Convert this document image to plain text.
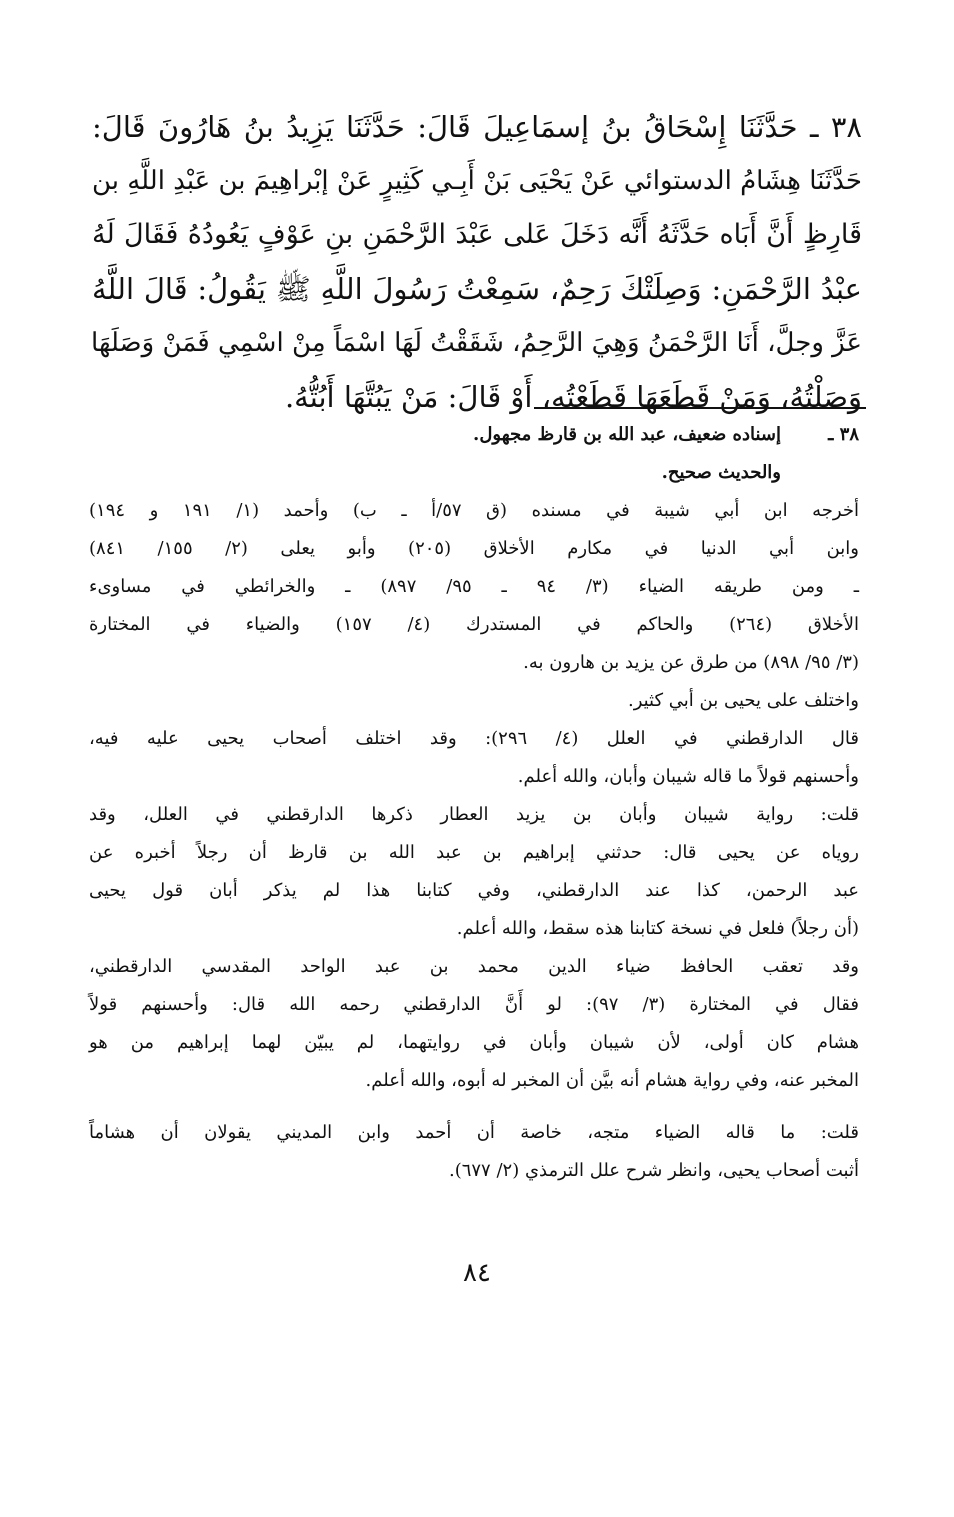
٣٨ ـ حَدَّثَنَا إِسْحَاقُ بنُ إسمَاعِيلَ قَالَ: حَدَّثَنَا يَزِيدُ بنُ هَارُونَ قَالَ:
حَدَّثَنَا هِشَامُ الدستوائي عَنْ يَحْيَى بَنْ أَبِـي كَثِيرٍ عَنْ إبْراهِيمَ بن عَبْدِ اللَّهِ بن
قَارِظٍ أَنَّ أَبَاه حَدَّثَهُ أَنَّه دَخَلَ عَلى عَبْدَ الرَّحْمَنِ بنِ عَوْفٍ يَعُودُهُ فَقَالَ لَهُ
عبْدُ الرَّحْمَنِ: وَصِلَتْكَ رَحِمٌ، سَمِعْتُ رَسُولَ اللَّهِ ﷺ يَقُولُ: قَالَ اللَّهُ
عَزَّ وجلَّ، أَنَا الرَّحْمَنُ وَهِيَ الرَّحِمُ، شَقَقْتُ لَهَا اسْمَاً مِنْ اسْمِي فَمَنْ وَصَلَهَا
وَصَلْتُهُ، وَمَنْ قَطَعَهَا قَطَعْتُه، أَوْ قَالَ: مَنْ يَبُتَّهَا أَبُتُّهُ.
٣٨ ـ
إسناده ضعيف، عبد الله بن قارظ مجهول.
والحديث صحيح.
أخرجه ابن أبي شيبة في مسنده (ق ٥٧/أ ـ ب) وأحمد (١/ ١٩١ و ١٩٤)
وابن أبي الدنيا في مكارم الأخلاق (٢٠٥) وأبو يعلى (٢/ ١٥٥/ ٨٤١)
ـ ومن طريقه الضياء (٣/ ٩٤ ـ ٩٥/ ٨٩٧) ـ والخرائطي في مساوىء
الأخلاق (٢٦٤) والحاكم في المستدرك (٤/ ١٥٧) والضياء في المختارة
(٣/ ٩٥/ ٨٩٨) من طرق عن يزيد بن هارون به.
واختلف على يحيى بن أبي كثير.
قال الدارقطني في العلل (٤/ ٢٩٦): وقد اختلف أصحاب يحيى عليه فيه،
وأحسنهم قولاً ما قاله شيبان وأبان، والله أعلم.
قلت: رواية شيبان وأبان بن يزيد العطار ذكرها الدارقطني في العلل، وقد
روياه عن يحيى قال: حدثني إبراهيم بن عبد الله بن قارظ أن رجلاً أخبره عن
عبد الرحمن، كذا عند الدارقطني، وفي كتابنا هذا لم يذكر أبان قول يحيى
(أن رجلاً) فلعل في نسخة كتابنا هذه سقط، والله أعلم.
وقد تعقب الحافظ ضياء الدين محمد بن عبد الواحد المقدسي الدارقطني،
فقال في المختارة (٣/ ٩٧): لو أَنَّ الدارقطني رحمه الله قال: وأحسنهم قولاً
هشام كان أولى، لأن شيبان وأبان في روايتهما، لم يبيّن لهما إبراهيم من هو
المخبر عنه، وفي رواية هشام أنه بيَّن أن المخبر له أبوه، والله أعلم.
قلت: ما قاله الضياء متجه، خاصة أن أحمد وابن المديني يقولان أن هشاماً
أثبت أصحاب يحيى، وانظر شرح علل الترمذي (٢/ ٦٧٧).
٨٤
